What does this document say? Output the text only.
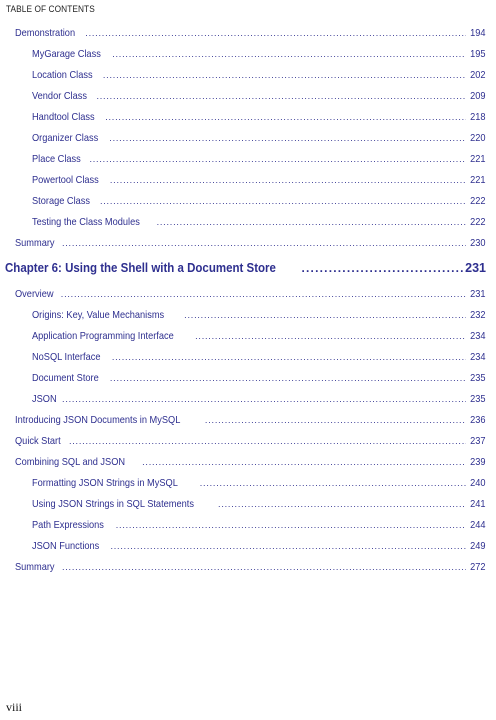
TABLE OF CONTENTS
Demonstration .....	194
MyGarage Class .....	195
Location Class .....	202
Vendor Class .....	209
Handtool Class .....	218
Organizer Class .....	220
Place Class .....	221
Powertool Class .....	221
Storage Class .....	222
Testing the Class Modules .....	222
Summary .....	230
Chapter 6: Using the Shell with a Document Store .....	231
Overview .....	231
Origins: Key, Value Mechanisms .....	232
Application Programming Interface .....	234
NoSQL Interface .....	234
Document Store .....	235
JSON .....	235
Introducing JSON Documents in MySQL .....	236
Quick Start .....	237
Combining SQL and JSON .....	239
Formatting JSON Strings in MySQL .....	240
Using JSON Strings in SQL Statements .....	241
Path Expressions .....	244
JSON Functions .....	249
Summary .....	272
viii
